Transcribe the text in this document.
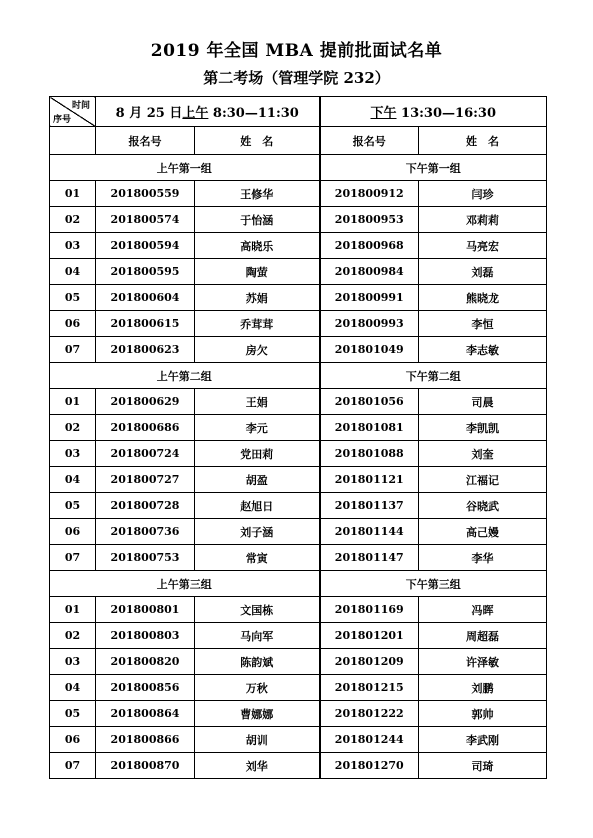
2019 年全国 MBA 提前批面试名单
第二考场（管理学院 232）
时间
序号	8 月 25 日上午 8:30—11:30		下午 13:30—16:30	
	报名号	姓　名	报名号	姓　名
上午第一组			下午第一组	
01	201800559	王修华	201800912	闫珍
02	201800574	于怡涵	201800953	邓莉莉
03	201800594	高晓乐	201800968	马亮宏
04	201800595	陶萤	201800984	刘磊
05	201800604	苏娟	201800991	熊晓龙
06	201800615	乔茸茸	201800993	李恒
07	201800623	房欠	201801049	李志敏
上午第二组			下午第二组	
01	201800629	王娟	201801056	司晨
02	201800686	李元	201801081	李凯凯
03	201800724	党田莉	201801088	刘奎
04	201800727	胡盈	201801121	江福记
05	201800728	赵旭日	201801137	谷晓武
06	201800736	刘子涵	201801144	高己嫚
07	201800753	常寅	201801147	李华
上午第三组			下午第三组	
01	201800801	文国栋	201801169	冯晖
02	201800803	马向军	201801201	周超磊
03	201800820	陈韵斌	201801209	许泽敏
04	201800856	万秋	201801215	刘鹏
05	201800864	曹娜娜	201801222	郭帅
06	201800866	胡训	201801244	李武刚
07	201800870	刘华	201801270	司琦
